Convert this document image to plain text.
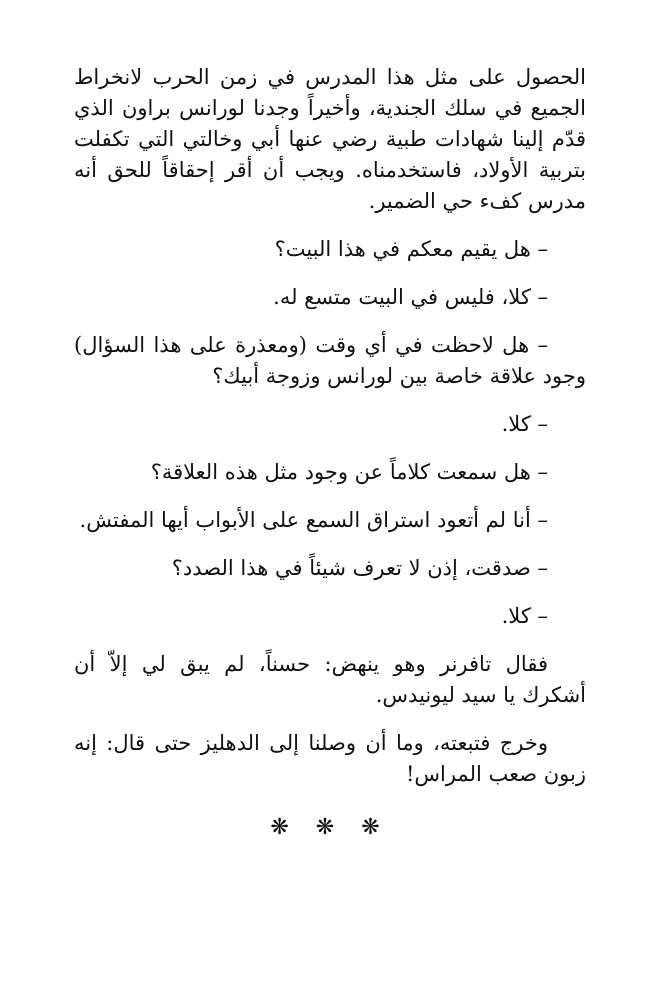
الحصول على مثل هذا المدرس في زمن الحرب لانخراط الجميع في سلك الجندية، وأخيراً وجدنا لورانس براون الذي قدّم إلينا شهادات طبية رضي عنها أبي وخالتي التي تكفلت بتربية الأولاد، فاستخدمناه. ويجب أن أقر إحقاقاً للحق أنه مدرس كفء حي الضمير.

– هل يقيم معكم في هذا البيت؟

– كلا، فليس في البيت متسع له.

– هل لاحظت في أي وقت (ومعذرة على هذا السؤال) وجود علاقة خاصة بين لورانس وزوجة أبيك؟

– كلا.

– هل سمعت كلاماً عن وجود مثل هذه العلاقة؟

– أنا لم أتعود استراق السمع على الأبواب أيها المفتش.

– صدقت، إذن لا تعرف شيئاً في هذا الصدد؟

– كلا.

فقال تافرنر وهو ينهض: حسناً، لم يبق لي إلاّ أن أشكرك يا سيد ليونيدس.

وخرج فتبعته، وما أن وصلنا إلى الدهليز حتى قال: إنه زبون صعب المراس!

❋ ❋ ❋
